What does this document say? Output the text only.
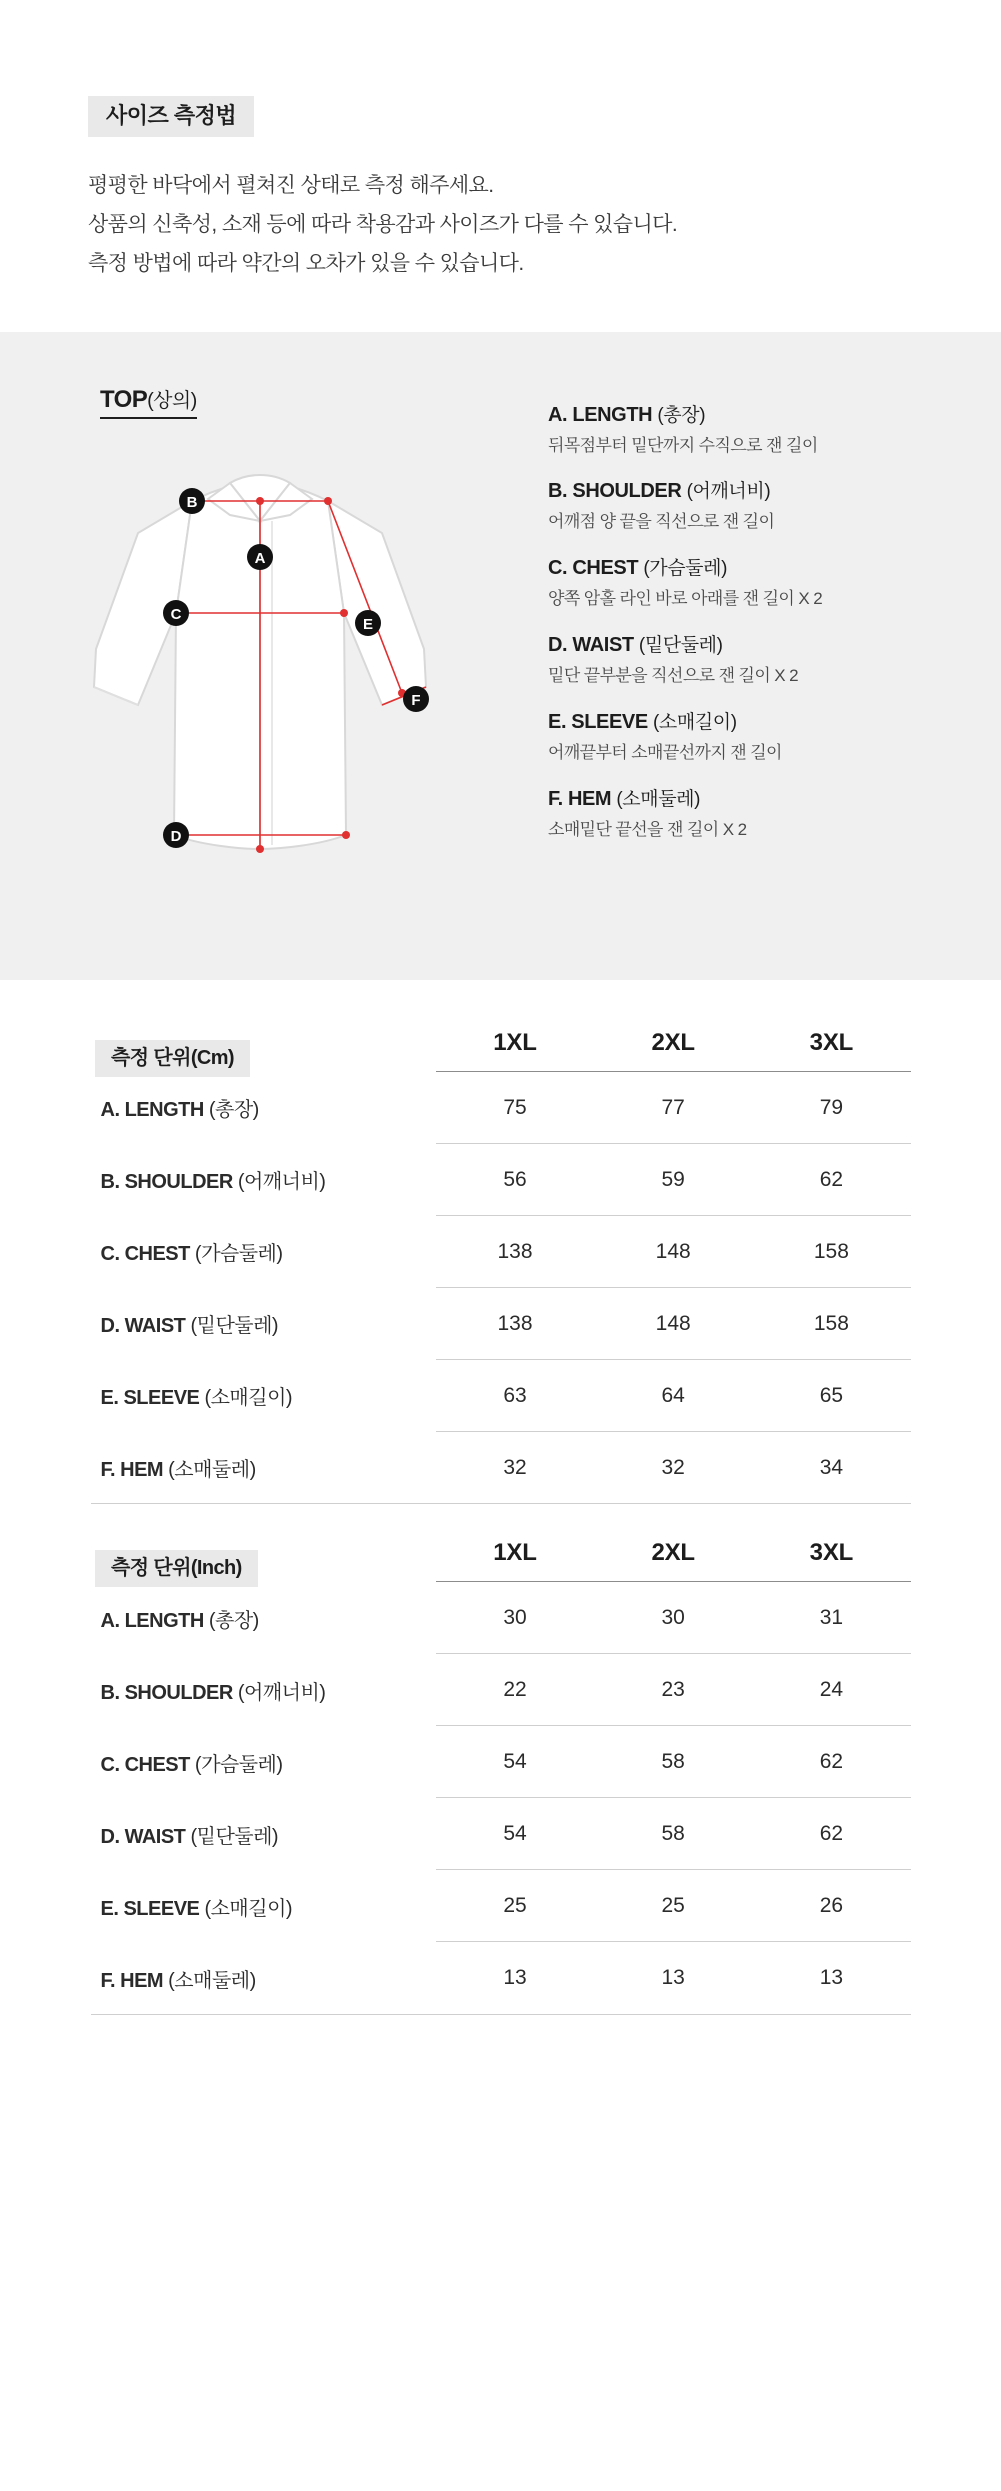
사이즈 측정법
평평한 바닥에서 펼쳐진 상태로 측정 해주세요.
상품의 신축성, 소재 등에 따라 착용감과 사이즈가 다를 수 있습니다.
측정 방법에 따라 약간의 오차가 있을 수 있습니다.
TOP(상의)
B
A
C
E
D
F
A. LENGTH (총장)
뒤목점부터 밑단까지 수직으로 잰 길이
B. SHOULDER (어깨너비)
어깨점 양 끝을 직선으로 잰 길이
C. CHEST (가슴둘레)
양쪽 암홀 라인 바로 아래를 잰 길이 X 2
D. WAIST (밑단둘레)
밑단 끝부분을 직선으로 잰 길이 X 2
E. SLEEVE (소매길이)
어깨끝부터 소매끝선까지 잰 길이
F. HEM (소매둘레)
소매밑단 끝선을 잰 길이 X 2
측정 단위(Cm)
	1XL	2XL	3XL
A. LENGTH (총장)	75	77	79
B. SHOULDER (어깨너비)	56	59	62
C. CHEST (가슴둘레)	138	148	158
D. WAIST (밑단둘레)	138	148	158
E. SLEEVE (소매길이)	63	64	65
F. HEM (소매둘레)	32	32	34
측정 단위(Inch)
	1XL	2XL	3XL
A. LENGTH (총장)	30	30	31
B. SHOULDER (어깨너비)	22	23	24
C. CHEST (가슴둘레)	54	58	62
D. WAIST (밑단둘레)	54	58	62
E. SLEEVE (소매길이)	25	25	26
F. HEM (소매둘레)	13	13	13
